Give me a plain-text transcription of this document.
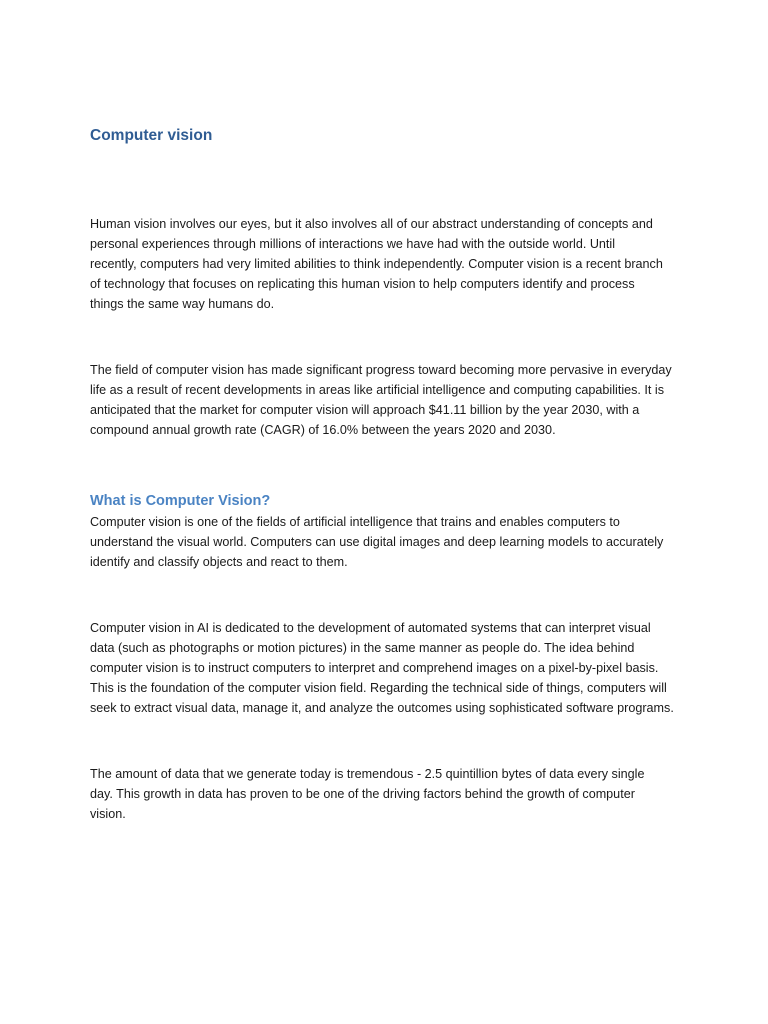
Computer vision

Human vision involves our eyes, but it also involves all of our abstract understanding of concepts and
personal experiences through millions of interactions we have had with the outside world. Until
recently, computers had very limited abilities to think independently. Computer vision is a recent branch
of technology that focuses on replicating this human vision to help computers identify and process
things the same way humans do.

The field of computer vision has made significant progress toward becoming more pervasive in everyday
life as a result of recent developments in areas like artificial intelligence and computing capabilities. It is
anticipated that the market for computer vision will approach $41.11 billion by the year 2030, with a
compound annual growth rate (CAGR) of 16.0% between the years 2020 and 2030.

What is Computer Vision?

Computer vision is one of the fields of artificial intelligence that trains and enables computers to
understand the visual world. Computers can use digital images and deep learning models to accurately
identify and classify objects and react to them.

Computer vision in AI is dedicated to the development of automated systems that can interpret visual
data (such as photographs or motion pictures) in the same manner as people do. The idea behind
computer vision is to instruct computers to interpret and comprehend images on a pixel-by-pixel basis.
This is the foundation of the computer vision field. Regarding the technical side of things, computers will
seek to extract visual data, manage it, and analyze the outcomes using sophisticated software programs.

The amount of data that we generate today is tremendous - 2.5 quintillion bytes of data every single
day. This growth in data has proven to be one of the driving factors behind the growth of computer
vision.
